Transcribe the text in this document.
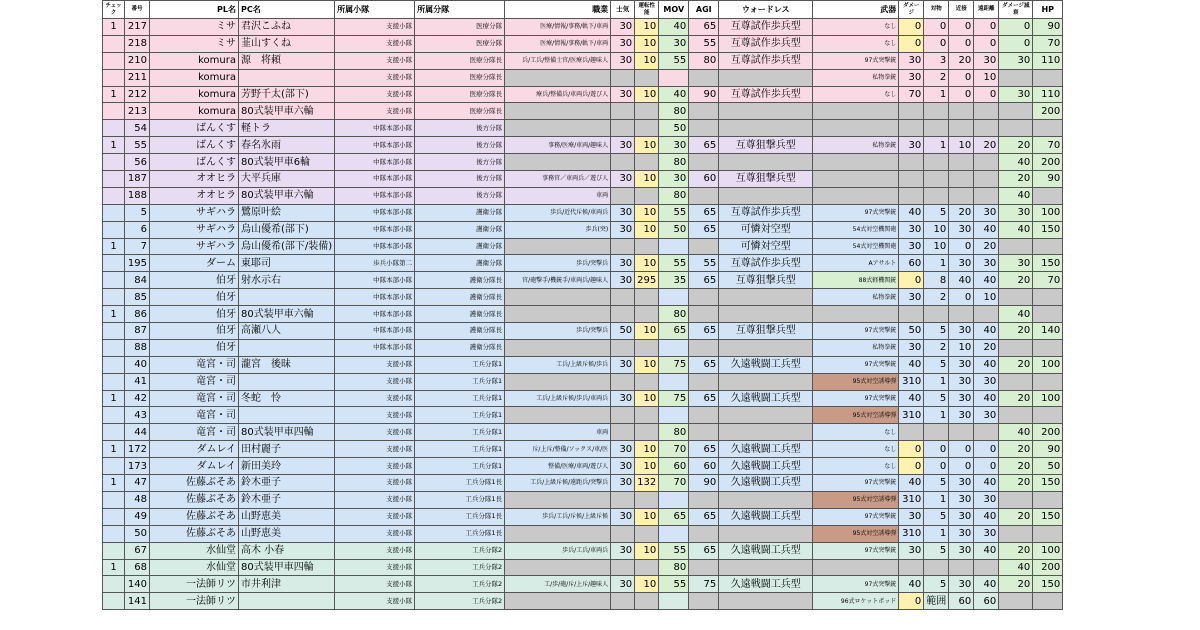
チェック	番号	PL名	PC名	所属小隊	所属分隊	職業	士気	運転性能	MOV	AGI	ウォードレス	武器	ダメージ	対物	近接	遠距離	ダメージ減衰	HP
1	217	ミサ	君沢こふね	支援小隊	医療分隊	医療/情報/事務/軌下/車両	30	10	40	65	互尊試作歩兵型	なし	0	0	0	0	0	90
	218	ミサ	韮山すくね	支援小隊	医療分隊	医療/情報/事務/軌下/車両	30	10	30	55	互尊試作歩兵型	なし	0	0	0	0	0	70
	210	komura	源　将頼	支援小隊	医療分隊長	兵/工兵/整備士官/医療兵/趣味人	30	10	55	80	互尊試作歩兵型	97式突撃銃	30	3	20	30	30	110
	211	komura		支援小隊	医療分隊長							私物拳銃	30	2	0	10		
1	212	komura	芳野千太(部下)	支援小隊	医療分隊長	療兵/整備兵/車両兵/遊び人	30	10	40	90	互尊試作歩兵型	なし	70	1	0	0	30	110
	213	komura	80式装甲車六輪	支援小隊	医療分隊長				80									200
	54	ばんくす	軽トラ	中隊本部小隊	後方分隊				50									
1	55	ばんくす	春名氷雨	中隊本部小隊	後方分隊	事務/医療/車両/趣味人	30	10	30	65	互尊狙撃兵型	私物拳銃	30	1	10	20	20	70
	56	ばんくす	80式装甲車6輪	中隊本部小隊	後方分隊				80								40	200
	187	オオヒラ	大平兵庫	中隊本部小隊	後方分隊	事務官／車両兵／遊び人	30	10	30	60	互尊狙撃兵型						20	90
	188	オオヒラ	80式装甲車六輪	中隊本部小隊	後方分隊	車両			80								40	
	5	サギハラ	鷺原叶絵	中隊本部小隊	護衛分隊	歩兵/近代斥候/車両兵	30	10	55	65	互尊試作歩兵型	97式突撃銃	40	5	20	30	30	100
	6	サギハラ	烏山優希(部下)	中隊本部小隊	護衛分隊	歩兵(突)	30	10	50	65	可憐対空型	54式対空機関砲	30	10	30	40	40	150
1	7	サギハラ	烏山優希(部下/装備)	中隊本部小隊	護衛分隊						可憐対空型	54式対空機関砲	30	10	0	20		
	195	ダーム	東耶司	歩兵小隊第二	護衛分隊	歩兵/突撃兵	30	10	55	55	互尊試作歩兵型	Aアサルト	60	1	30	30	30	150
	84	伯牙	射水示右	中隊本部小隊	護衛分隊長	官/砲撃手/機銃手/車両兵/趣味人	30	295	35	65	互尊狙撃兵型	88式軽機関銃	0	8	40	40	20	70
	85	伯牙		中隊本部小隊	護衛分隊長							私物拳銃	30	2	0	10		
1	86	伯牙	80式装甲車六輪	中隊本部小隊	護衛分隊長				80								40	
	87	伯牙	高瀬八人	中隊本部小隊	護衛分隊長	歩兵/突撃兵	50	10	65	65	互尊狙撃兵型	97式突撃銃	50	5	30	40	20	140
	88	伯牙		中隊本部小隊	護衛分隊長							私物拳銃	30	2	10	20		
	40	竜宮・司	瀧宮　後昧	支援小隊	工兵分隊1	工兵/上級斥候/歩兵	30	10	75	65	久遠戦闘工兵型	97式突撃銃	40	5	30	40	20	100
	41	竜宮・司		支援小隊	工兵分隊1							95式対空誘導弾	310	1	30	30		
1	42	竜宮・司	冬蛇　怜	支援小隊	工兵分隊1	工兵/上級斥候/歩兵/車両兵	30	10	75	65	久遠戦闘工兵型	97式突撃銃	40	5	30	40	20	100
	43	竜宮・司		支援小隊	工兵分隊1							95式対空誘導弾	310	1	30	30		
	44	竜宮・司	80式装甲車四輪	支援小隊	工兵分隊1	車両			80			なし					40	200
1	172	ダムレイ	田村麗子	支援小隊	工兵分隊1	斥/上斥/整備/ソックス/車/医	30	10	70	65	久遠戦闘工兵型	なし	0	0	0	0	20	90
	173	ダムレイ	新田美玲	支援小隊	工兵分隊1	整備/医療/車両/遊び人	30	10	60	60	久遠戦闘工兵型	なし	0	0	0	0	20	50
1	47	佐藤ぶそあ	鈴木亜子	支援小隊	工兵分隊1長	工兵/上級斥候/遠距兵/突撃兵	30	132	70	90	久遠戦闘工兵型	97式突撃銃	40	5	30	40	20	150
	48	佐藤ぶそあ	鈴木亜子	支援小隊	工兵分隊1長							95式対空誘導弾	310	1	30	30		
	49	佐藤ぶそあ	山野恵美	支援小隊	工兵分隊1長	歩兵/工兵/斥候/上級斥候	30	10	65	65	久遠戦闘工兵型	97式突撃銃	30	5	30	40	20	150
	50	佐藤ぶそあ	山野恵美	支援小隊	工兵分隊1長							95式対空誘導弾	310	1	30	30		
	67	水仙堂	高木 小春	支援小隊	工兵分隊2	歩兵/工兵/車両兵	30	10	55	65	久遠戦闘工兵型	97式突撃銃	30	5	30	40	20	100
1	68	水仙堂	80式装甲車四輪	支援小隊	工兵分隊2				80								40	200
	140	一法師リツ	市井利津	支援小隊	工兵分隊2	工/歩/砲/斥/上斥/趣味人	30	10	55	75	久遠戦闘工兵型	97式突撃銃	40	5	30	40	20	150
	141	一法師リツ		支援小隊	工兵分隊2							96式ロケットポッド	0	範囲	60	60		
